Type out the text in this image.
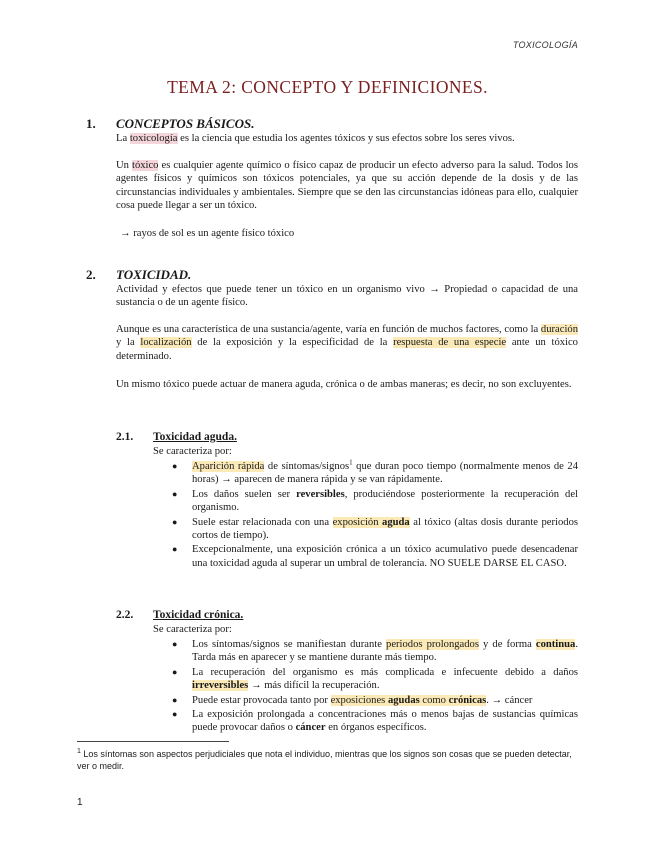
TOXICOLOGÍA
TEMA 2: CONCEPTO Y DEFINICIONES.
1. CONCEPTOS BÁSICOS.
La toxicología es la ciencia que estudia los agentes tóxicos y sus efectos sobre los seres vivos.
Un tóxico es cualquier agente químico o físico capaz de producir un efecto adverso para la salud. Todos los agentes físicos y químicos son tóxicos potenciales, ya que su acción depende de la dosis y de las circunstancias individuales y ambientales. Siempre que se den las circunstancias idóneas para ello, cualquier cosa puede llegar a ser un tóxico.
→ rayos de sol es un agente físico tóxico
2. TOXICIDAD.
Actividad y efectos que puede tener un tóxico en un organismo vivo → Propiedad o capacidad de una sustancia o de un agente físico.
Aunque es una característica de una sustancia/agente, varía en función de muchos factores, como la duración y la localización de la exposición y la especificidad de la respuesta de una especie ante un tóxico determinado.
Un mismo tóxico puede actuar de manera aguda, crónica o de ambas maneras; es decir, no son excluyentes.
2.1. Toxicidad aguda.
Se caracteriza por:
● Aparición rápida de síntomas/signos$^1$ que duran poco tiempo (normalmente menos de 24 horas) → aparecen de manera rápida y se van rápidamente.
● Los daños suelen ser reversibles, produciéndose posteriormente la recuperación del organismo.
● Suele estar relacionada con una exposición aguda al tóxico (altas dosis durante periodos cortos de tiempo).
● Excepcionalmente, una exposición crónica a un tóxico acumulativo puede desencadenar una toxicidad aguda al superar un umbral de tolerancia. NO SUELE DARSE EL CASO.
2.2. Toxicidad crónica.
Se caracteriza por:
● Los síntomas/signos se manifiestan durante periodos prolongados y de forma continua. Tarda más en aparecer y se mantiene durante más tiempo.
● La recuperación del organismo es más complicada e infecuente debido a daños irreversibles → más difícil la recuperación.
● Puede estar provocada tanto por exposiciones agudas como crónicas. → cáncer
● La exposición prolongada a concentraciones más o menos bajas de sustancias químicas puede provocar daños o cáncer en órganos específicos.
$^1$ Los síntomas son aspectos perjudiciales que nota el individuo, mientras que los signos son cosas que se pueden detectar, ver o medir.
1
